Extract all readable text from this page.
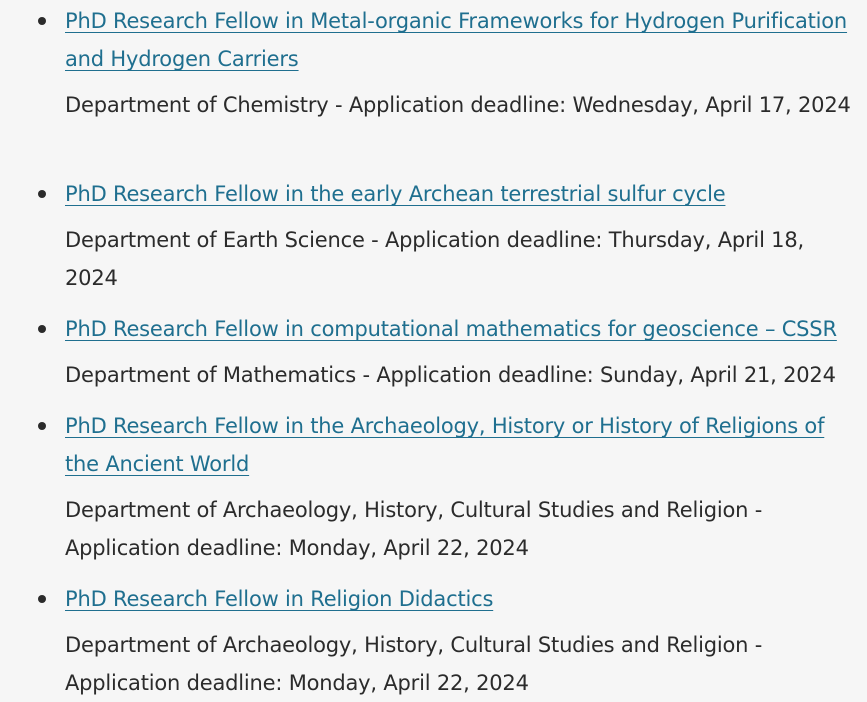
PhD Research Fellow in Metal-organic Frameworks for Hydrogen Purification and Hydrogen Carriers
Department of Chemistry - Application deadline: Wednesday, April 17, 2024
PhD Research Fellow in the early Archean terrestrial sulfur cycle
Department of Earth Science - Application deadline: Thursday, April 18, 2024
PhD Research Fellow in computational mathematics for geoscience – CSSR
Department of Mathematics - Application deadline: Sunday, April 21, 2024
PhD Research Fellow in the Archaeology, History or History of Religions of the Ancient World
Department of Archaeology, History, Cultural Studies and Religion - Application deadline: Monday, April 22, 2024
PhD Research Fellow in Religion Didactics
Department of Archaeology, History, Cultural Studies and Religion - Application deadline: Monday, April 22, 2024
